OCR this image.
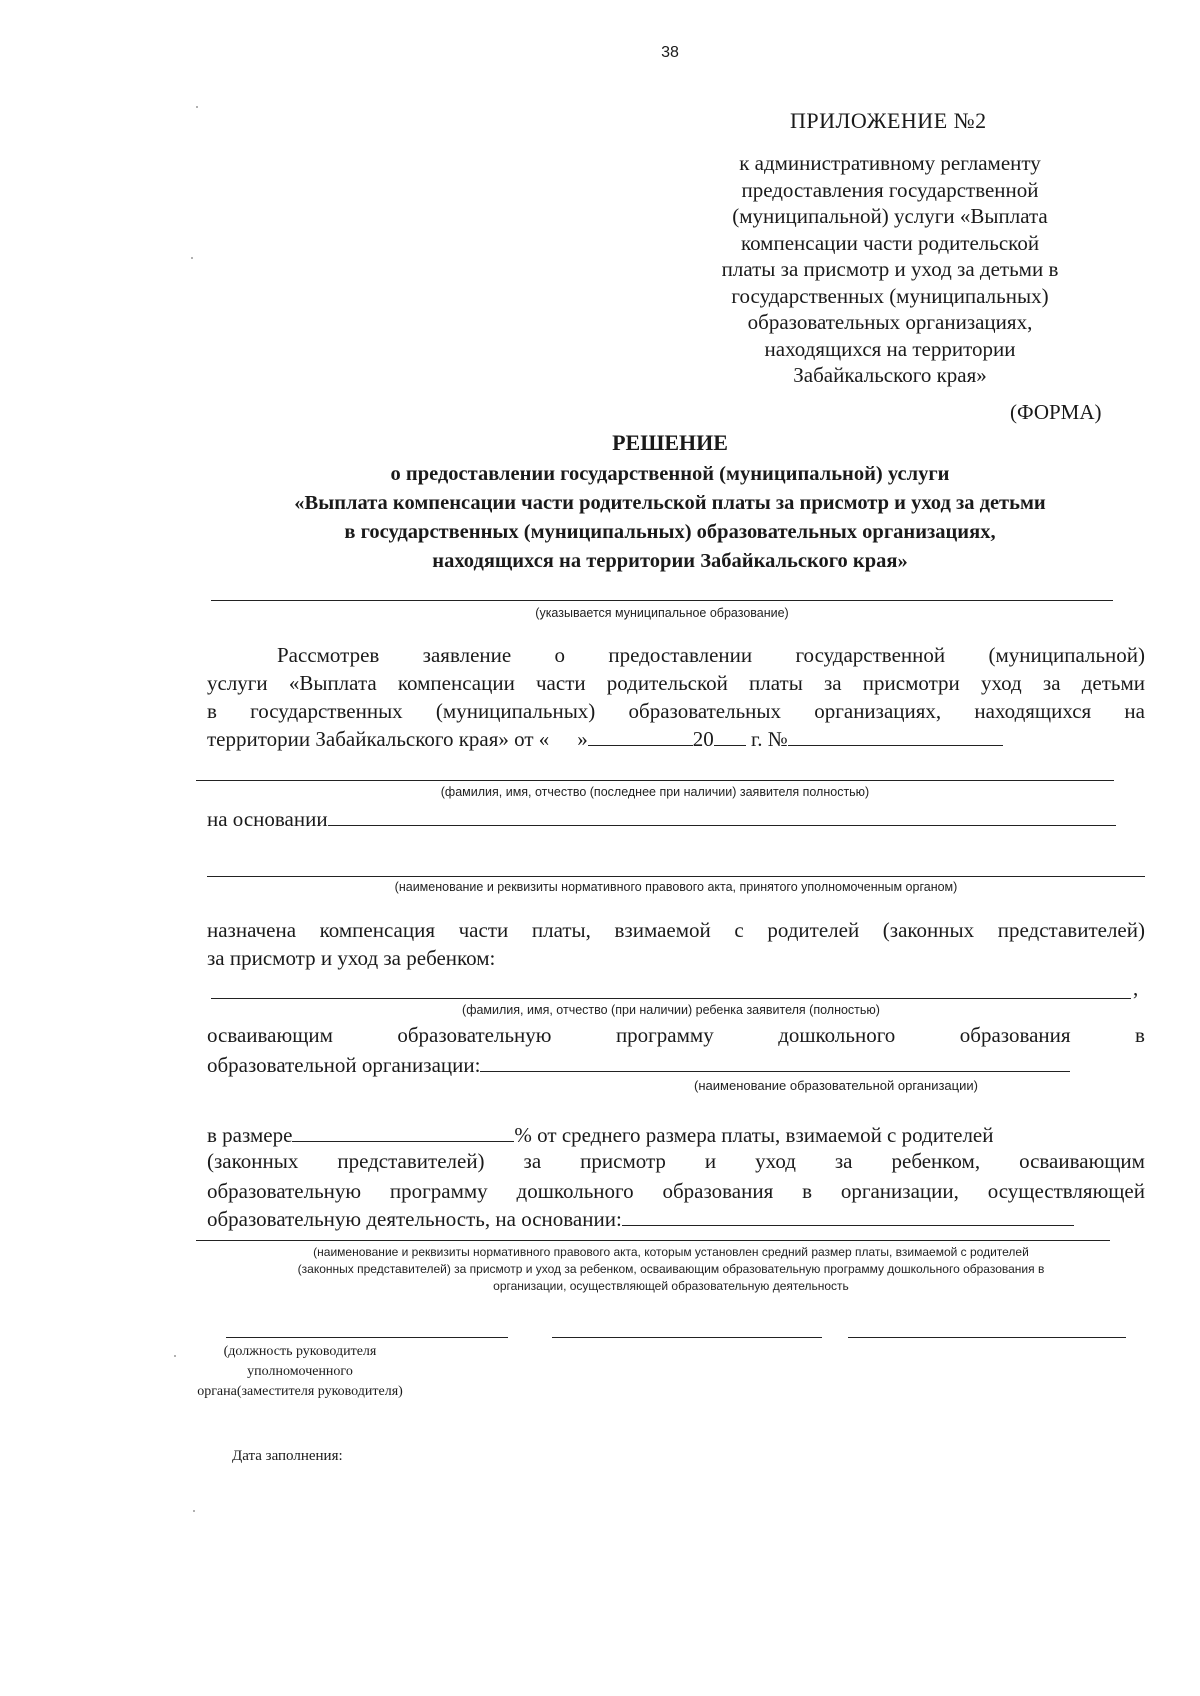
38
ПРИЛОЖЕНИЕ №2
к административному регламенту
предоставления государственной
(муниципальной) услуги «Выплата
компенсации части родительской
платы за присмотр и уход за детьми в
государственных (муниципальных)
образовательных организациях,
находящихся на территории
Забайкальского края»
(ФОРМА)
РЕШЕНИЕ
о предоставлении государственной (муниципальной) услуги
«Выплата компенсации части родительской платы за присмотр и уход за детьми
в государственных (муниципальных) образовательных организациях,
находящихся на территории Забайкальского края»
(указывается муниципальное образование)
Рассмотрев заявление о предоставлении государственной (муниципальной)
услуги «Выплата компенсации части родительской платы за присмотри уход за детьми
в государственных (муниципальных) образовательных организациях, находящихся на
территории Забайкальского края» от « »	20 г. №
(фамилия, имя, отчество (последнее при наличии) заявителя полностью)
на основании
(наименование и реквизиты нормативного правового акта, принятого уполномоченным органом)
назначена компенсация части платы, взимаемой с родителей (законных представителей)
за присмотр и уход за ребенком:
,
(фамилия, имя, отчество (при наличии) ребенка заявителя (полностью)
осваивающим	образовательную	программу	дошкольного	образования	в
образовательной организации:
(наименование образовательной организации)
в размере	% от среднего размера платы, взимаемой с родителей
(законных представителей) за присмотр и уход за ребенком, осваивающим
образовательную программу дошкольного образования в организации, осуществляющей
образовательную деятельность, на основании:
(наименование и реквизиты нормативного правового акта, которым установлен средний размер платы, взимаемой с родителей
(законных представителей) за присмотр и уход за ребенком, осваивающим образовательную программу дошкольного образования в
организации, осуществляющей образовательную деятельность
(должность руководителя
уполномоченного
органа(заместителя руководителя)
Дата заполнения:
